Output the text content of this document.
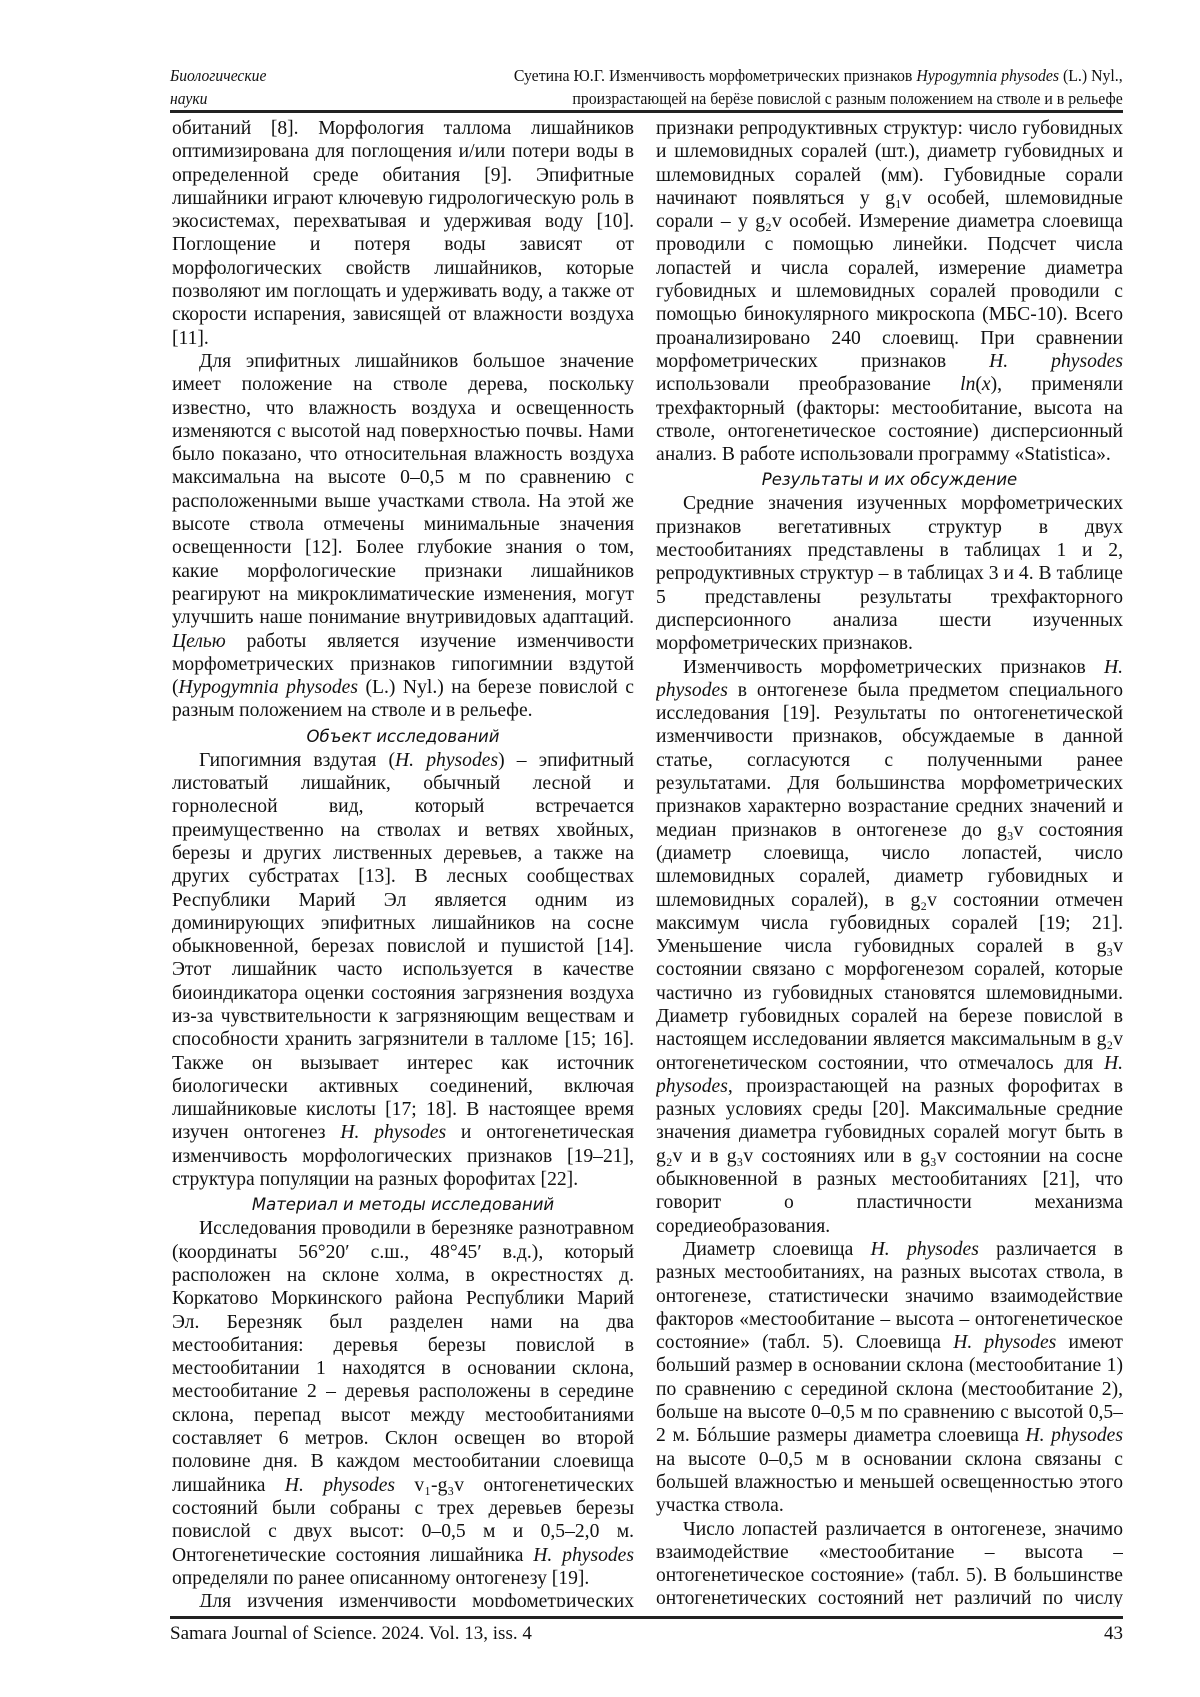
Биологические науки
Суетина Ю.Г. Изменчивость морфометрических признаков Hypogymnia physodes (L.) Nyl.,
произрастающей на берёзе повислой с разным положением на стволе и в рельефе

обитаний [8]. Морфология таллома лишайников оптимизирована для поглощения и/или потери воды в определенной среде обитания [9]. Эпифитные лишайники играют ключевую гидрологическую роль в экосистемах, перехватывая и удерживая воду [10]. Поглощение и потеря воды зависят от морфологических свойств лишайников, которые позволяют им поглощать и удерживать воду, а также от скорости испарения, зависящей от влажности воздуха [11].

Для эпифитных лишайников большое значение имеет положение на стволе дерева, поскольку известно, что влажность воздуха и освещенность изменяются с высотой над поверхностью почвы. Нами было показано, что относительная влажность воздуха максимальна на высоте 0–0,5 м по сравнению с расположенными выше участками ствола. На этой же высоте ствола отмечены минимальные значения освещенности [12]. Более глубокие знания о том, какие морфологические признаки лишайников реагируют на микроклиматические изменения, могут улучшить наше понимание внутривидовых адаптаций. Целью работы является изучение изменчивости морфометрических признаков гипогимнии вздутой (Hypogymnia physodes (L.) Nyl.) на березе повислой с разным положением на стволе и в рельефе.

Объект исследований

Гипогимния вздутая (H. physodes) – эпифитный листоватый лишайник, обычный лесной и горнолесной вид, который встречается преимущественно на стволах и ветвях хвойных, березы и других лиственных деревьев, а также на других субстратах [13]. В лесных сообществах Республики Марий Эл является одним из доминирующих эпифитных лишайников на сосне обыкновенной, березах повислой и пушистой [14]. Этот лишайник часто используется в качестве биоиндикатора оценки состояния загрязнения воздуха из-за чувствительности к загрязняющим веществам и способности хранить загрязнители в талломе [15; 16]. Также он вызывает интерес как источник биологически активных соединений, включая лишайниковые кислоты [17; 18]. В настоящее время изучен онтогенез H. physodes и онтогенетическая изменчивость морфологических признаков [19–21], структура популяции на разных форофитах [22].

Материал и методы исследований

Исследования проводили в березняке разнотравном (координаты 56°20′ с.ш., 48°45′ в.д.), который расположен на склоне холма, в окрестностях д. Коркатово Моркинского района Республики Марий Эл. Березняк был разделен нами на два местообитания: деревья березы повислой в местообитании 1 находятся в основании склона, местообитание 2 – деревья расположены в середине склона, перепад высот между местообитаниями составляет 6 метров. Склон освещен во второй половине дня. В каждом местообитании слоевища лишайника H. physodes v₁-g₃v онтогенетических состояний были собраны с трех деревьев березы повислой с двух высот: 0–0,5 м и 0,5–2,0 м. Онтогенетические состояния лишайника H. physodes определяли по ранее описанному онтогенезу [19].

Для изучения изменчивости морфометрических

признаки репродуктивных структур: число губовидных и шлемовидных соралей (шт.), диаметр губовидных и шлемовидных соралей (мм). Губовидные сорали начинают появляться у g₁v особей, шлемовидные сорали – у g₂v особей. Измерение диаметра слоевища проводили с помощью линейки. Подсчет числа лопастей и числа соралей, измерение диаметра губовидных и шлемовидных соралей проводили с помощью бинокулярного микроскопа (МБС-10). Всего проанализировано 240 слоевищ. При сравнении морфометрических признаков H. physodes использовали преобразование ln(x), применяли трехфакторный (факторы: местообитание, высота на стволе, онтогенетическое состояние) дисперсионный анализ. В работе использовали программу «Statistica».

Результаты и их обсуждение

Средние значения изученных морфометрических признаков вегетативных структур в двух местообитаниях представлены в таблицах 1 и 2, репродуктивных структур – в таблицах 3 и 4. В таблице 5 представлены результаты трехфакторного дисперсионного анализа шести изученных морфометрических признаков.

Изменчивость морфометрических признаков H. physodes в онтогенезе была предметом специального исследования [19]. Результаты по онтогенетической изменчивости признаков, обсуждаемые в данной статье, согласуются с полученными ранее результатами. Для большинства морфометрических признаков характерно возрастание средних значений и медиан признаков в онтогенезе до g₃v состояния (диаметр слоевища, число лопастей, число шлемовидных соралей, диаметр губовидных и шлемовидных соралей), в g₂v состоянии отмечен максимум числа губовидных соралей [19; 21]. Уменьшение числа губовидных соралей в g₃v состоянии связано с морфогенезом соралей, которые частично из губовидных становятся шлемовидными. Диаметр губовидных соралей на березе повислой в настоящем исследовании является максимальным в g₂v онтогенетическом состоянии, что отмечалось для H. physodes, произрастающей на разных форофитах в разных условиях среды [20]. Максимальные средние значения диаметра губовидных соралей могут быть в g₂v и в g₃v состояниях или в g₃v состоянии на сосне обыкновенной в разных местообитаниях [21], что говорит о пластичности механизма соредиеобразования.

Диаметр слоевища H. physodes различается в разных местообитаниях, на разных высотах ствола, в онтогенезе, статистически значимо взаимодействие факторов «местообитание – высота – онтогенетическое состояние» (табл. 5). Слоевища H. physodes имеют больший размер в основании склона (местообитание 1) по сравнению с серединой склона (местообитание 2), больше на высоте 0–0,5 м по сравнению с высотой 0,5–2 м. Бóльшие размеры диаметра слоевища H. physodes на высоте 0–0,5 м в основании склона связаны с большей влажностью и меньшей освещенностью этого участка ствола.

Число лопастей различается в онтогенезе, значимо взаимодействие «местообитание – высота – онтогенетическое состояние» (табл. 5). В большинстве онтогенетических состояний нет различий по числу

Samara Journal of Science. 2024. Vol. 13, iss. 4	43
